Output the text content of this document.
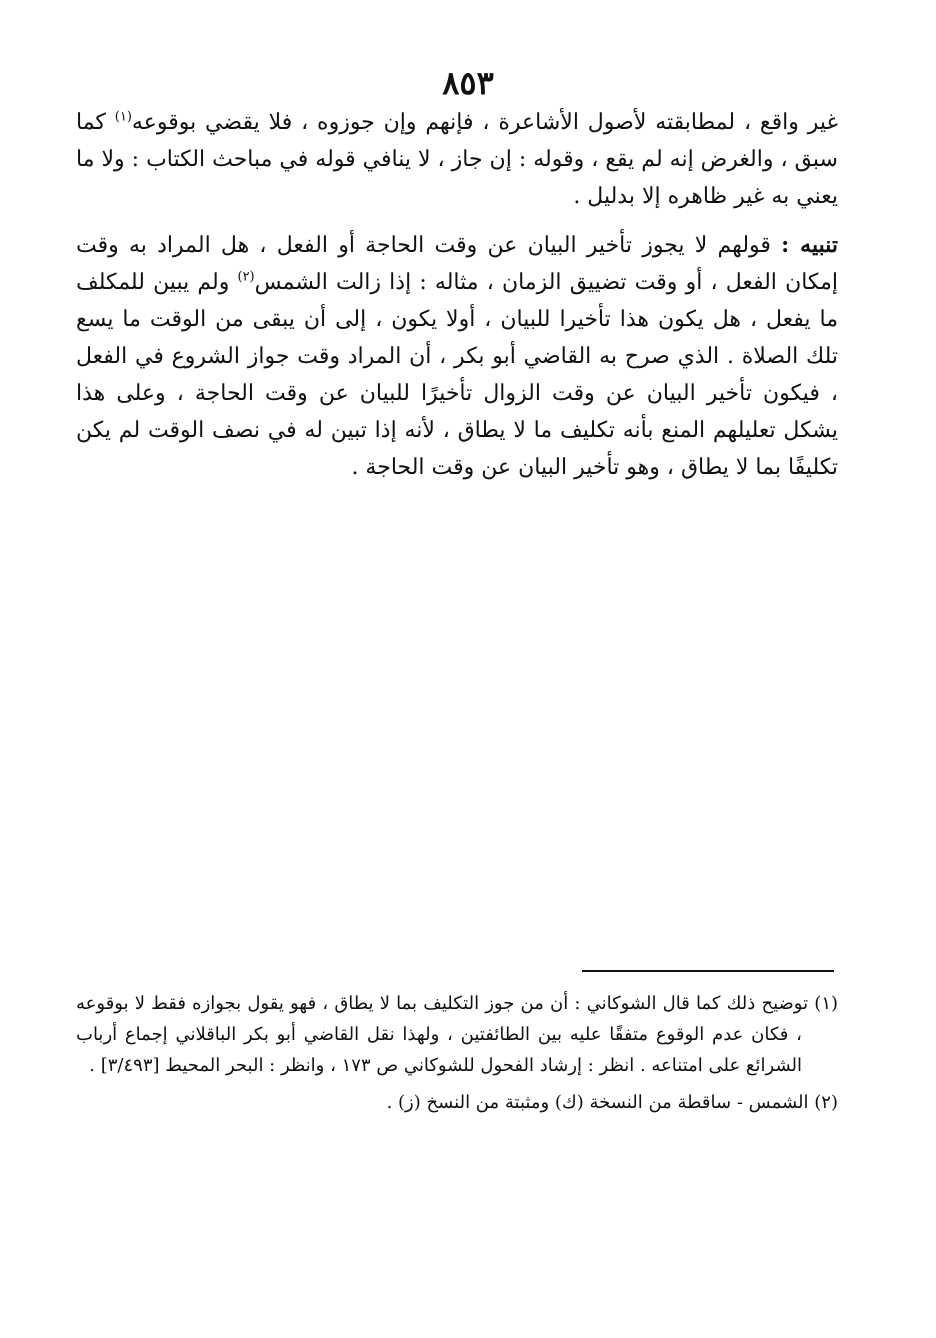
٨٥٣

غير واقع ، لمطابقته لأصول الأشاعرة ، فإنهم وإن جوزوه ، فلا يقضي بوقوعه$^{(١)}$ كما سبق ، والغرض إنه لم يقع ، وقوله : إن جاز ، لا ينافي قوله في مباحث الكتاب : ولا ما يعني به غير ظاهره إلا بدليل .

تنبيه : قولهم لا يجوز تأخير البيان عن وقت الحاجة أو الفعل ، هل المراد به وقت إمكان الفعل ، أو وقت تضييق الزمان ، مثاله : إذا زالت الشمس$^{(٢)}$ ولم يبين للمكلف ما يفعل ، هل يكون هذا تأخيرا للبيان ، أولا يكون ، إلى أن يبقى من الوقت ما يسع تلك الصلاة . الذي صرح به القاضي أبو بكر ، أن المراد وقت جواز الشروع في الفعل ، فيكون تأخير البيان عن وقت الزوال تأخيرًا للبيان عن وقت الحاجة ، وعلى هذا يشكل تعليلهم المنع بأنه تكليف ما لا يطاق ، لأنه إذا تبين له في نصف الوقت لم يكن تكليفًا بما لا يطاق ، وهو تأخير البيان عن وقت الحاجة .

(١) توضيح ذلك كما قال الشوكاني : أن من جوز التكليف بما لا يطاق ، فهو يقول بجوازه فقط لا بوقوعه ، فكان عدم الوقوع متفقًا عليه بين الطائفتين ، ولهذا نقل القاضي أبو بكر الباقلاني إجماع أرباب الشرائع على امتناعه . انظر : إرشاد الفحول للشوكاني ص ١٧٣ ، وانظر : البحر المحيط [٣/٤٩٣] .

(٢) الشمس - ساقطة من النسخة (ك) ومثبتة من النسخ (ز) .
